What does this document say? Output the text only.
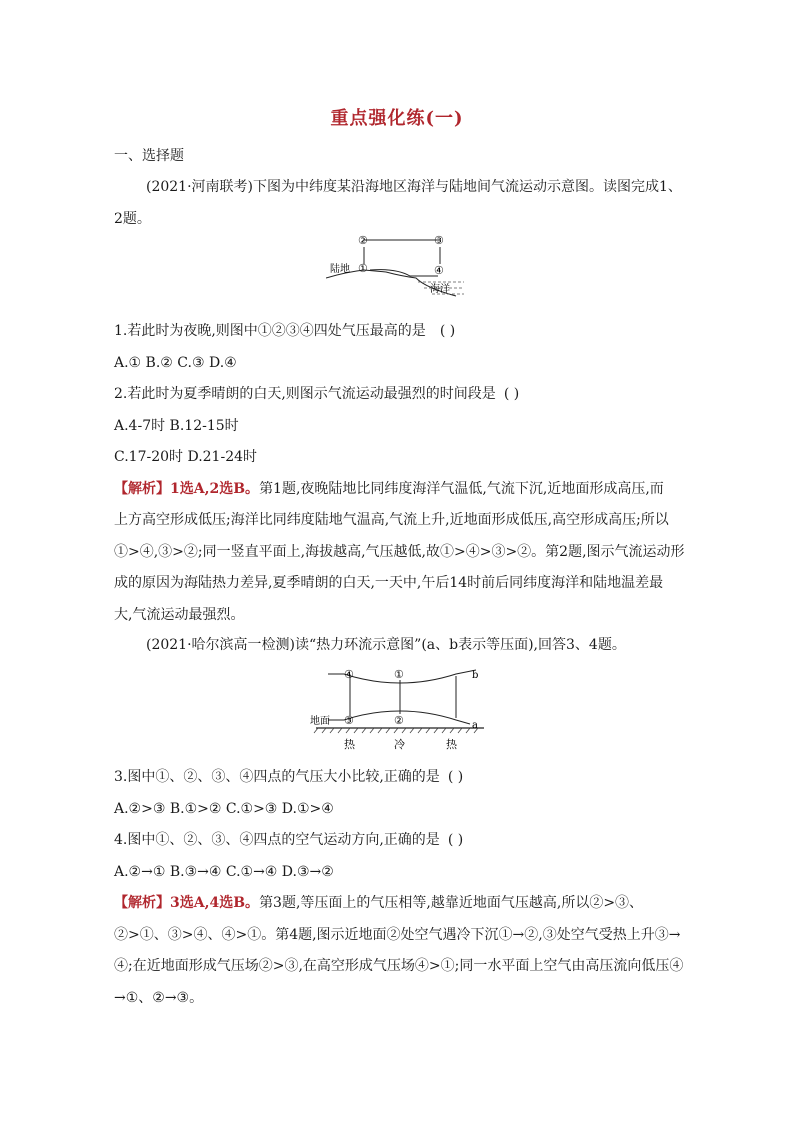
重点强化练(一)
一、选择题
(2021·河南联考)下图为中纬度某沿海地区海洋与陆地间气流运动示意图。读图完成1、
2题。
②	③
①	④
陆地
海洋
1.若此时为夜晚,则图中①②③④四处气压最高的是 ( )
A.① B.② C.③ D.④
2.若此时为夏季晴朗的白天,则图示气流运动最强烈的时间段是 ( )
A.4-7时 B.12-15时
C.17-20时 D.21-24时
【解析】1选A,2选B。第1题,夜晚陆地比同纬度海洋气温低,气流下沉,近地面形成高压,而
上方高空形成低压;海洋比同纬度陆地气温高,气流上升,近地面形成低压,高空形成高压;所以
①>④,③>②;同一竖直平面上,海拔越高,气压越低,故①>④>③>②。第2题,图示气流运动形
成的原因为海陆热力差异,夏季晴朗的白天,一天中,午后14时前后同纬度海洋和陆地温差最
大,气流运动最强烈。
(2021·哈尔滨高一检测)读“热力环流示意图”(a、b表示等压面),回答3、4题。
④	①
③	②
b
a
地面
热	冷	热
3.图中①、②、③、④四点的气压大小比较,正确的是 ( )
A.②>③ B.①>② C.①>③ D.①>④
4.图中①、②、③、④四点的空气运动方向,正确的是 ( )
A.②→① B.③→④ C.①→④ D.③→②
【解析】3选A,4选B。第3题,等压面上的气压相等,越靠近地面气压越高,所以②>③、
②>①、③>④、④>①。第4题,图示近地面②处空气遇冷下沉①→②,③处空气受热上升③→
④;在近地面形成气压场②>③,在高空形成气压场④>①;同一水平面上空气由高压流向低压④
→①、②→③。
